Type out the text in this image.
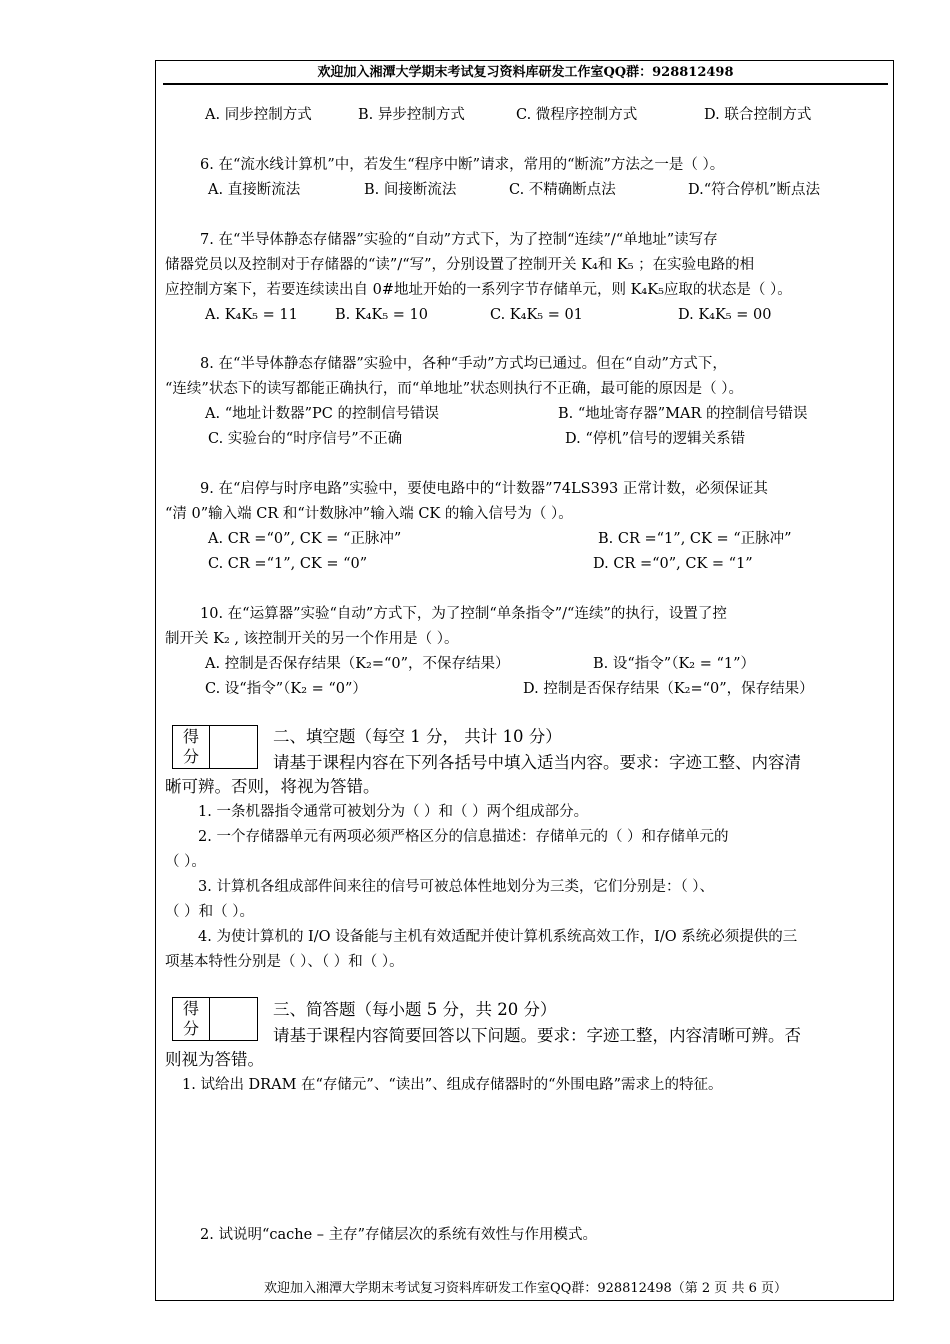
欢迎加入湘潭大学期末考试复习资料库研发工作室QQ群：928812498
A. 同步控制方式	B. 异步控制方式	C. 微程序控制方式	D. 联合控制方式
6. 在“流水线计算机”中，若发生“程序中断”请求，常用的“断流”方法之一是（ ）。
A. 直接断流法	B. 间接断流法	C. 不精确断点法	D.“符合停机”断点法
7. 在“半导体静态存储器”实验的“自动”方式下，为了控制“连续”/“单地址”读写存
储器党员以及控制对于存储器的“读”/“写”，分别设置了控制开关 K₄和 K₅ ；在实验电路的相
应控制方案下，若要连续读出自 0#地址开始的一系列字节存储单元，则 K₄K₅应取的状态是（ ）。
A. K₄K₅ = 11	B. K₄K₅ = 10	C. K₄K₅ = 01	D. K₄K₅ = 00
8. 在“半导体静态存储器”实验中，各种“手动”方式均已通过。但在“自动”方式下，
“连续”状态下的读写都能正确执行，而“单地址”状态则执行不正确，最可能的原因是（ ）。
A. “地址计数器”PC 的控制信号错误	B. “地址寄存器”MAR 的控制信号错误
C. 实验台的“时序信号”不正确	D. “停机”信号的逻辑关系错
9. 在“启停与时序电路”实验中，要使电路中的“计数器”74LS393 正常计数，必须保证其
“清 0”输入端 CR 和“计数脉冲”输入端 CK 的输入信号为（ ）。
A. CR =“0”, CK = “正脉冲”	B. CR =“1”, CK = “正脉冲”
C. CR =“1”, CK = “0”	D. CR =“0”, CK = “1”
10. 在“运算器”实验“自动”方式下，为了控制“单条指令”/“连续”的执行，设置了控
制开关 K₂ , 该控制开关的另一个作用是（ ）。
A. 控制是否保存结果（K₂=“0”，不保存结果）	B. 设“指令”（K₂ = “1”）
C. 设“指令”（K₂ = “0”）	D. 控制是否保存结果（K₂=“0”，保存结果）
得
分
二、填空题（每空 1 分， 共计 10 分）
请基于课程内容在下列各括号中填入适当内容。要求：字迹工整、内容清
晰可辨。否则，将视为答错。
1. 一条机器指令通常可被划分为（ ）和（ ）两个组成部分。
2. 一个存储器单元有两项必须严格区分的信息描述：存储单元的（ ）和存储单元的
（ ）。
3. 计算机各组成部件间来往的信号可被总体性地划分为三类，它们分别是：（ ）、
（ ）和（ ）。
4. 为使计算机的 I/O 设备能与主机有效适配并使计算机系统高效工作，I/O 系统必须提供的三
项基本特性分别是（ ）、（ ）和（ ）。
得
分
三、简答题（每小题 5 分，共 20 分）
请基于课程内容简要回答以下问题。要求：字迹工整，内容清晰可辨。否
则视为答错。
1. 试给出 DRAM 在“存储元”、“读出”、组成存储器时的“外围电路”需求上的特征。
2. 试说明“cache – 主存”存储层次的系统有效性与作用模式。
欢迎加入湘潭大学期末考试复习资料库研发工作室QQ群：928812498（第 2 页 共 6 页）
